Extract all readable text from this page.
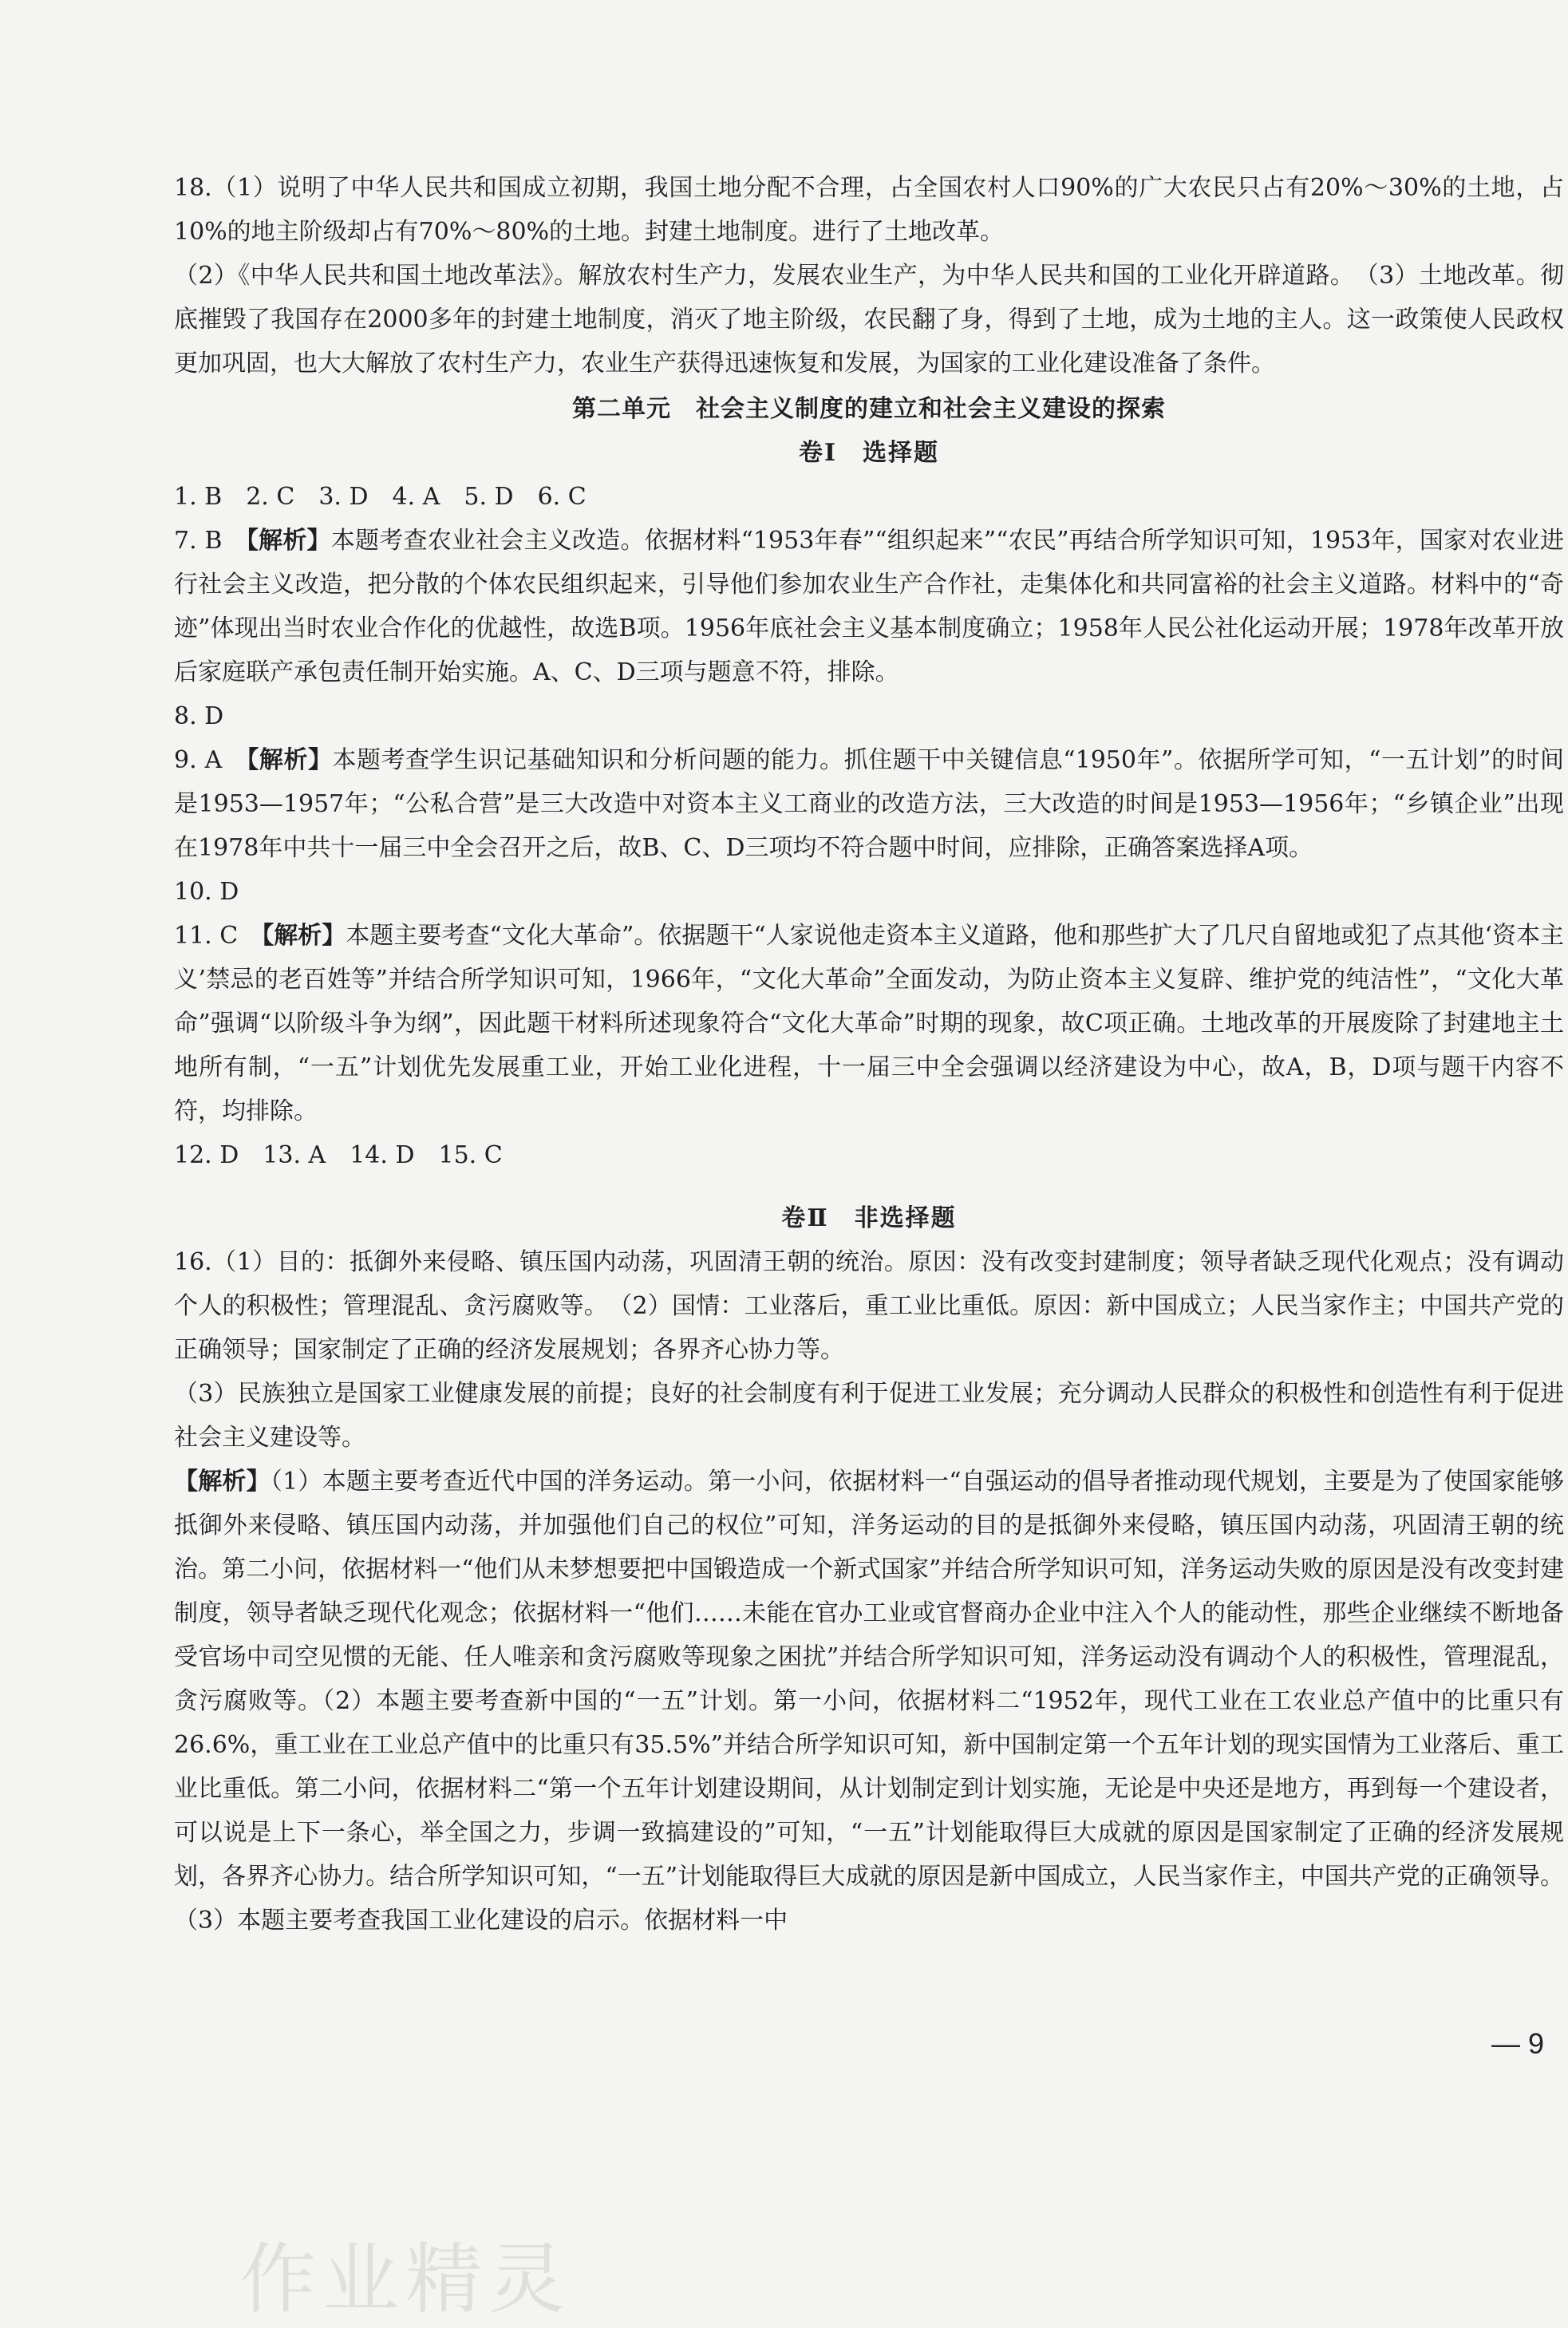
18.（1）说明了中华人民共和国成立初期，我国土地分配不合理，占全国农村人口90%的广大农民只占有20%～30%的土地，占10%的地主阶级却占有70%～80%的土地。封建土地制度。进行了土地改革。

（2）《中华人民共和国土地改革法》。解放农村生产力，发展农业生产，为中华人民共和国的工业化开辟道路。　（3）土地改革。彻底摧毁了我国存在2000多年的封建土地制度，消灭了地主阶级，农民翻了身，得到了土地，成为土地的主人。这一政策使人民政权更加巩固，也大大解放了农村生产力，农业生产获得迅速恢复和发展，为国家的工业化建设准备了条件。

第二单元　社会主义制度的建立和社会主义建设的探索

卷Ⅰ　选择题

1. B　2. C　3. D　4. A　5. D　6. C

7. B　【解析】本题考查农业社会主义改造。依据材料“1953年春”“组织起来”“农民”再结合所学知识可知，1953年，国家对农业进行社会主义改造，把分散的个体农民组织起来，引导他们参加农业生产合作社，走集体化和共同富裕的社会主义道路。材料中的“奇迹”体现出当时农业合作化的优越性，故选B项。1956年底社会主义基本制度确立；1958年人民公社化运动开展；1978年改革开放后家庭联产承包责任制开始实施。A、C、D三项与题意不符，排除。

8. D

9. A　【解析】本题考查学生识记基础知识和分析问题的能力。抓住题干中关键信息“1950年”。依据所学可知，“一五计划”的时间是1953—1957年；“公私合营”是三大改造中对资本主义工商业的改造方法，三大改造的时间是1953—1956年；“乡镇企业”出现在1978年中共十一届三中全会召开之后，故B、C、D三项均不符合题中时间，应排除，正确答案选择A项。

10. D

11. C　【解析】本题主要考查“文化大革命”。依据题干“人家说他走资本主义道路，他和那些扩大了几尺自留地或犯了点其他‘资本主义’禁忌的老百姓等”并结合所学知识可知，1966年，“文化大革命”全面发动，为防止资本主义复辟、维护党的纯洁性”，“文化大革命”强调“以阶级斗争为纲”，因此题干材料所述现象符合“文化大革命”时期的现象，故C项正确。土地改革的开展废除了封建地主土地所有制，“一五”计划优先发展重工业，开始工业化进程，十一届三中全会强调以经济建设为中心，故A，B，D项与题干内容不符，均排除。

12. D　13. A　14. D　15. C

卷Ⅱ　非选择题

16.（1）目的：抵御外来侵略、镇压国内动荡，巩固清王朝的统治。原因：没有改变封建制度；领导者缺乏现代化观点；没有调动个人的积极性；管理混乱、贪污腐败等。　（2）国情：工业落后，重工业比重低。原因：新中国成立；人民当家作主；中国共产党的正确领导；国家制定了正确的经济发展规划；各界齐心协力等。

（3）民族独立是国家工业健康发展的前提；良好的社会制度有利于促进工业发展；充分调动人民群众的积极性和创造性有利于促进社会主义建设等。

【解析】（1）本题主要考查近代中国的洋务运动。第一小问，依据材料一“自强运动的倡导者推动现代规划，主要是为了使国家能够抵御外来侵略、镇压国内动荡，并加强他们自己的权位”可知，洋务运动的目的是抵御外来侵略，镇压国内动荡，巩固清王朝的统治。第二小问，依据材料一“他们从未梦想要把中国锻造成一个新式国家”并结合所学知识可知，洋务运动失败的原因是没有改变封建制度，领导者缺乏现代化观念；依据材料一“他们……未能在官办工业或官督商办企业中注入个人的能动性，那些企业继续不断地备受官场中司空见惯的无能、任人唯亲和贪污腐败等现象之困扰”并结合所学知识可知，洋务运动没有调动个人的积极性，管理混乱，贪污腐败等。（2）本题主要考查新中国的“一五”计划。第一小问，依据材料二“1952年，现代工业在工农业总产值中的比重只有26.6%，重工业在工业总产值中的比重只有35.5%”并结合所学知识可知，新中国制定第一个五年计划的现实国情为工业落后、重工业比重低。第二小问，依据材料二“第一个五年计划建设期间，从计划制定到计划实施，无论是中央还是地方，再到每一个建设者，可以说是上下一条心，举全国之力，步调一致搞建设的”可知，“一五”计划能取得巨大成就的原因是国家制定了正确的经济发展规划，各界齐心协力。结合所学知识可知，“一五”计划能取得巨大成就的原因是新中国成立，人民当家作主，中国共产党的正确领导。（3）本题主要考查我国工业化建设的启示。依据材料一中

— 9
作业精灵
